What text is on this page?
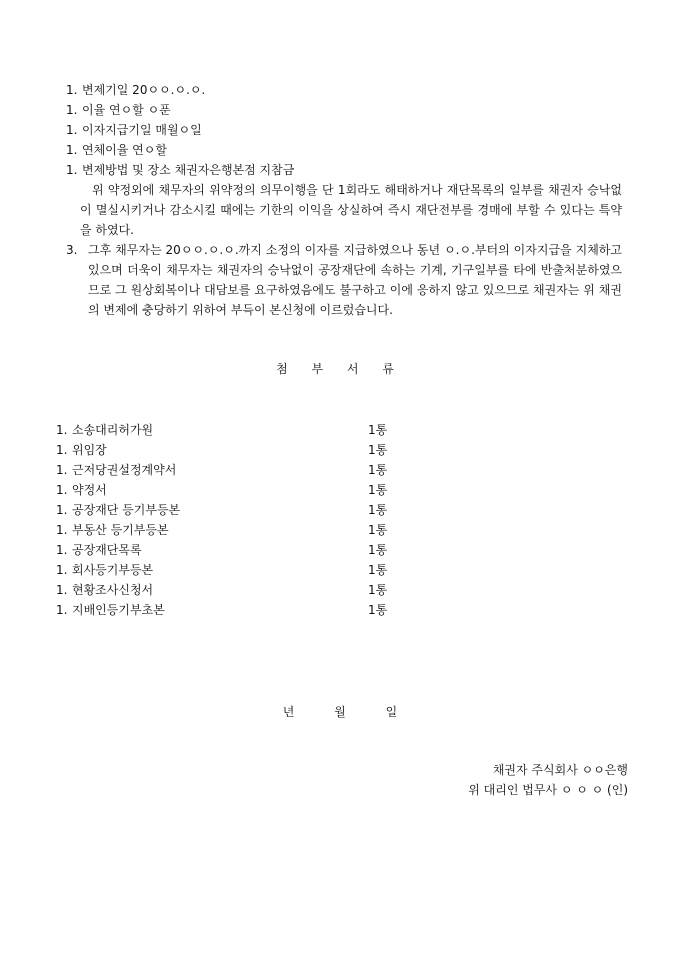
1. 변제기일 20ㅇㅇ.ㅇ.ㅇ.
1. 이율 연ㅇ할 ㅇ푼
1. 이자지급기일 매월ㅇ일
1. 연체이율 연ㅇ할
1. 변제방법 및 장소 채권자은행본점 지참금
위 약정외에 채무자의 위약정의 의무이행을 단 1회라도 해태하거나 재단목록의 일부를 채권자 승낙없이 멸실시키거나 감소시킬 때에는 기한의 이익을 상실하여 즉시 재단전부를 경매에 부할 수 있다는 특약을 하였다.
3. 그후 채무자는 20ㅇㅇ.ㅇ.ㅇ.까지 소정의 이자를 지급하였으나 동년 ㅇ.ㅇ.부터의 이자지급을 지체하고 있으며 더욱이 채무자는 채권자의 승낙없이 공장재단에 속하는 기계, 기구일부를 타에 반출처분하였으므로 그 원상회복이나 대담보를 요구하였음에도 불구하고 이에 응하지 않고 있으므로 채권자는 위 채권의 변제에 충당하기 위하여 부득이 본신청에 이르렀습니다.
첨 부 서 류
1. 소송대리허가원	1통
1. 위임장	1통
1. 근저당권설정계약서	1통
1. 약정서	1통
1. 공장재단 등기부등본	1통
1. 부동산 등기부등본	1통
1. 공장재단목록	1통
1. 회사등기부등본	1통
1. 현황조사신청서	1통
1. 지배인등기부초본	1통
년 월 일
채권자 주식회사 ㅇㅇ은행
위 대리인 법무사 ㅇ ㅇ ㅇ (인)
